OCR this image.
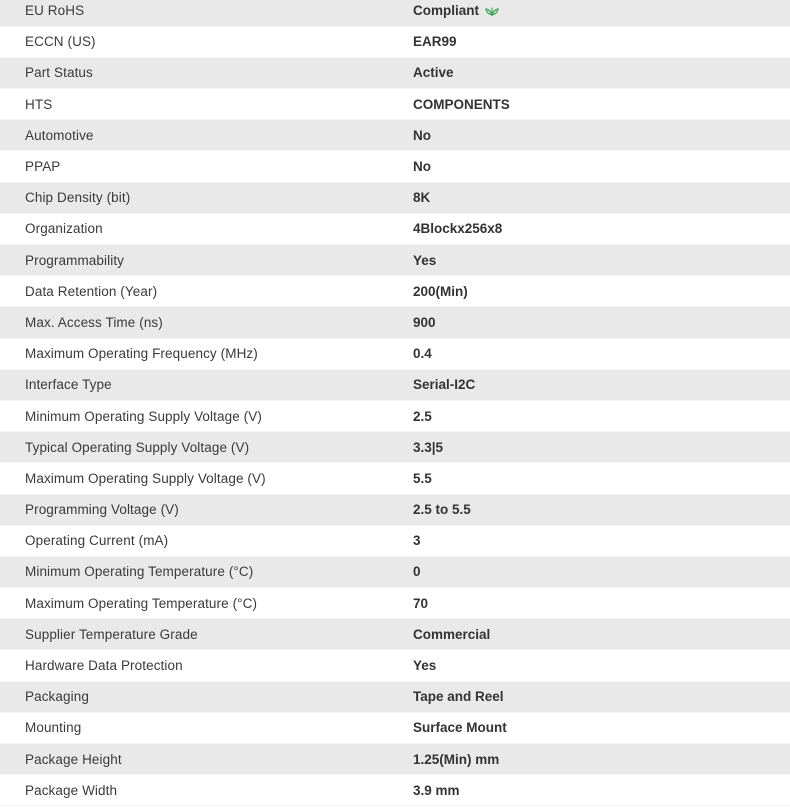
EU RoHS	Compliant
ECCN (US)	EAR99
Part Status	Active
HTS	COMPONENTS
Automotive	No
PPAP	No
Chip Density (bit)	8K
Organization	4Blockx256x8
Programmability	Yes
Data Retention (Year)	200(Min)
Max. Access Time (ns)	900
Maximum Operating Frequency (MHz)	0.4
Interface Type	Serial-I2C
Minimum Operating Supply Voltage (V)	2.5
Typical Operating Supply Voltage (V)	3.3|5
Maximum Operating Supply Voltage (V)	5.5
Programming Voltage (V)	2.5 to 5.5
Operating Current (mA)	3
Minimum Operating Temperature (°C)	0
Maximum Operating Temperature (°C)	70
Supplier Temperature Grade	Commercial
Hardware Data Protection	Yes
Packaging	Tape and Reel
Mounting	Surface Mount
Package Height	1.25(Min) mm
Package Width	3.9 mm
